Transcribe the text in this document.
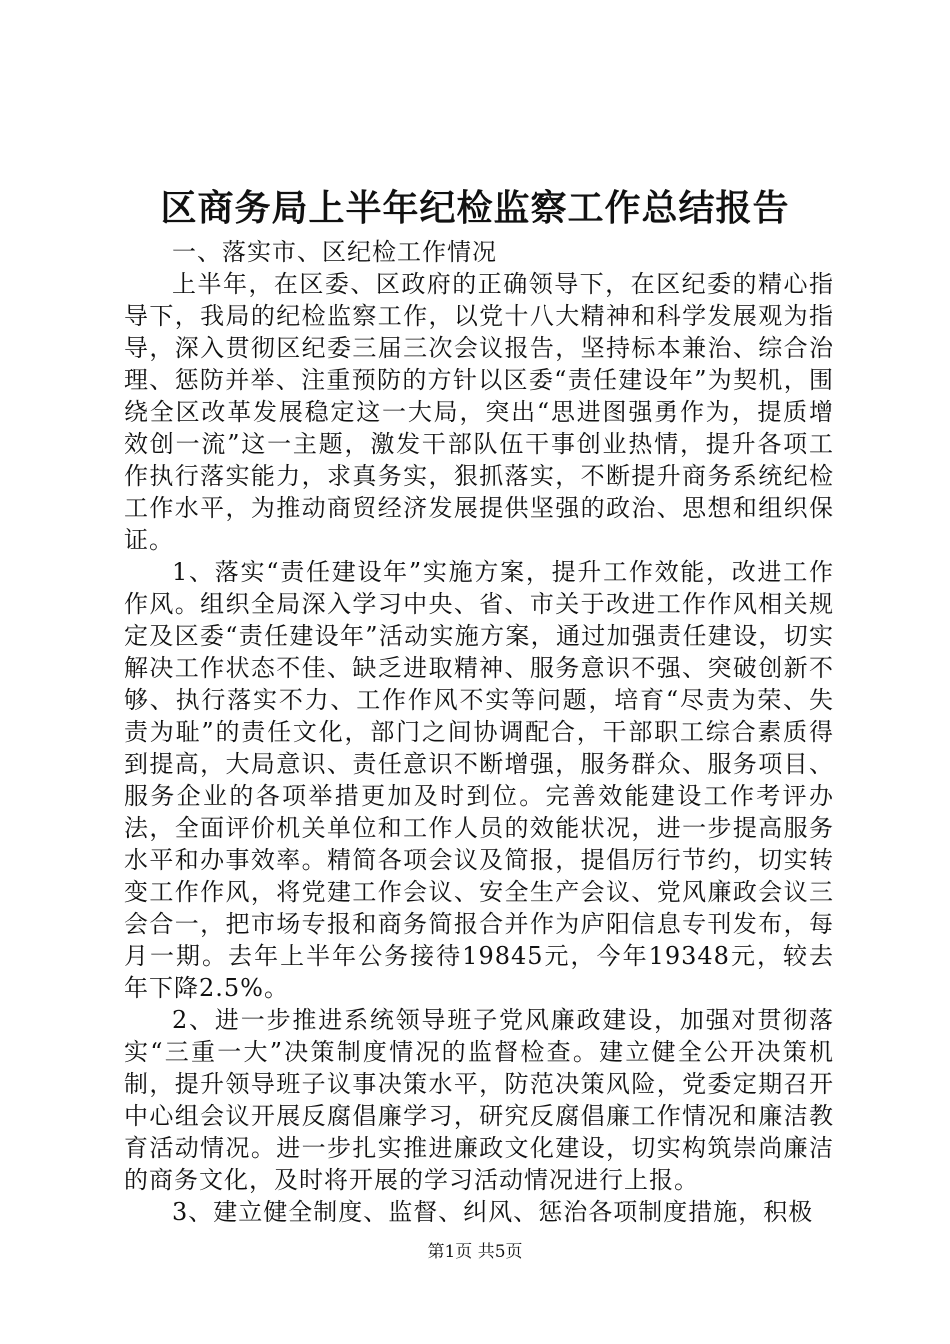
区商务局上半年纪检监察工作总结报告

一、落实市、区纪检工作情况

上半年，在区委、区政府的正确领导下，在区纪委的精心指导下，我局的纪检监察工作，以党十八大精神和科学发展观为指导，深入贯彻区纪委三届三次会议报告，坚持标本兼治、综合治理、惩防并举、注重预防的方针以区委“责任建设年”为契机，围绕全区改革发展稳定这一大局，突出“思进图强勇作为，提质增效创一流”这一主题，激发干部队伍干事创业热情，提升各项工作执行落实能力，求真务实，狠抓落实，不断提升商务系统纪检工作水平，为推动商贸经济发展提供坚强的政治、思想和组织保证。

1、落实“责任建设年”实施方案，提升工作效能，改进工作作风。组织全局深入学习中央、省、市关于改进工作作风相关规定及区委“责任建设年”活动实施方案，通过加强责任建设，切实解决工作状态不佳、缺乏进取精神、服务意识不强、突破创新不够、执行落实不力、工作作风不实等问题，培育“尽责为荣、失责为耻”的责任文化，部门之间协调配合，干部职工综合素质得到提高，大局意识、责任意识不断增强，服务群众、服务项目、服务企业的各项举措更加及时到位。完善效能建设工作考评办法，全面评价机关单位和工作人员的效能状况，进一步提高服务水平和办事效率。精简各项会议及简报，提倡厉行节约，切实转变工作作风，将党建工作会议、安全生产会议、党风廉政会议三会合一，把市场专报和商务简报合并作为庐阳信息专刊发布，每月一期。去年上半年公务接待19845元，今年19348元，较去年下降2.5%。

2、进一步推进系统领导班子党风廉政建设，加强对贯彻落实“三重一大”决策制度情况的监督检查。建立健全公开决策机制，提升领导班子议事决策水平，防范决策风险，党委定期召开中心组会议开展反腐倡廉学习，研究反腐倡廉工作情况和廉洁教育活动情况。进一步扎实推进廉政文化建设，切实构筑崇尚廉洁的商务文化，及时将开展的学习活动情况进行上报。

3、建立健全制度、监督、纠风、惩治各项制度措施，积极

第1页 共5页
